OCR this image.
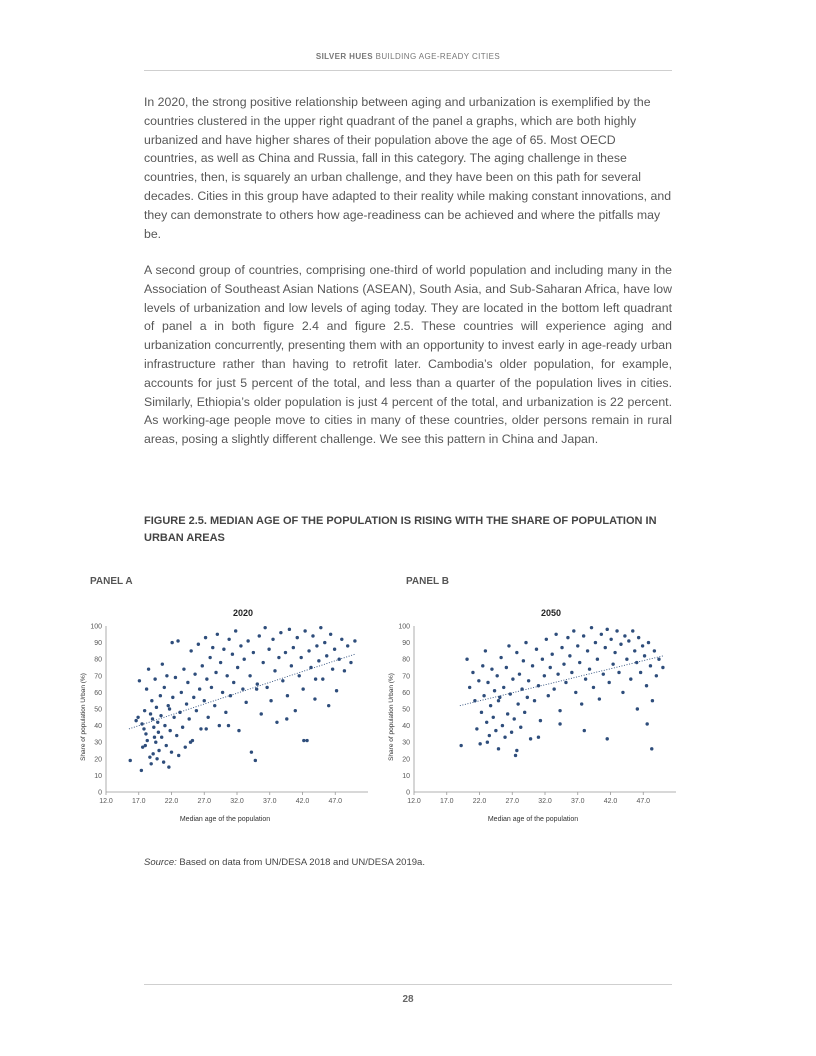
SILVER HUES BUILDING AGE-READY CITIES

In 2020, the strong positive relationship between aging and urbanization is exemplified by the countries clustered in the upper right quadrant of the panel a graphs, which are both highly urbanized and have higher shares of their population above the age of 65. Most OECD countries, as well as China and Russia, fall in this category. The aging challenge in these countries, then, is squarely an urban challenge, and they have been on this path for several decades. Cities in this group have adapted to their reality while making constant innovations, and they can demonstrate to others how age-readiness can be achieved and where the pitfalls may be.

A second group of countries, comprising one-third of world population and including many in the Association of Southeast Asian Nations (ASEAN), South Asia, and Sub-Saharan Africa, have low levels of urbanization and low levels of aging today. They are located in the bottom left quadrant of panel a in both figure 2.4 and figure 2.5. These countries will experience aging and urbanization concurrently, presenting them with an opportunity to invest early in age-ready urban infrastructure rather than having to retrofit later. Cambodia’s older population, for example, accounts for just 5 percent of the total, and less than a quarter of the population lives in cities. Similarly, Ethiopia’s older population is just 4 percent of the total, and urbanization is 22 percent. As working-age people move to cities in many of these countries, older persons remain in rural areas, posing a slightly different challenge. We see this pattern in China and Japan.

FIGURE 2.5. MEDIAN AGE OF THE POPULATION IS RISING WITH THE SHARE OF POPULATION IN URBAN AREAS
PANEL A	PANEL B
2020
0
10
20
30
40
50
60
70
80
90
100
12.0	17.0	22.0	27.0	32.0	37.0	42.0	47.0
Median age of the population
Share of population Urban (%)
2050
0
10
20
30
40
50
60
70
80
90
100
12.0	17.0	22.0	27.0	32.0	37.0	42.0	47.0
Median age of the population
Share of population Urban (%)
Source: Based on data from UN/DESA 2018 and UN/DESA 2019a.
28
